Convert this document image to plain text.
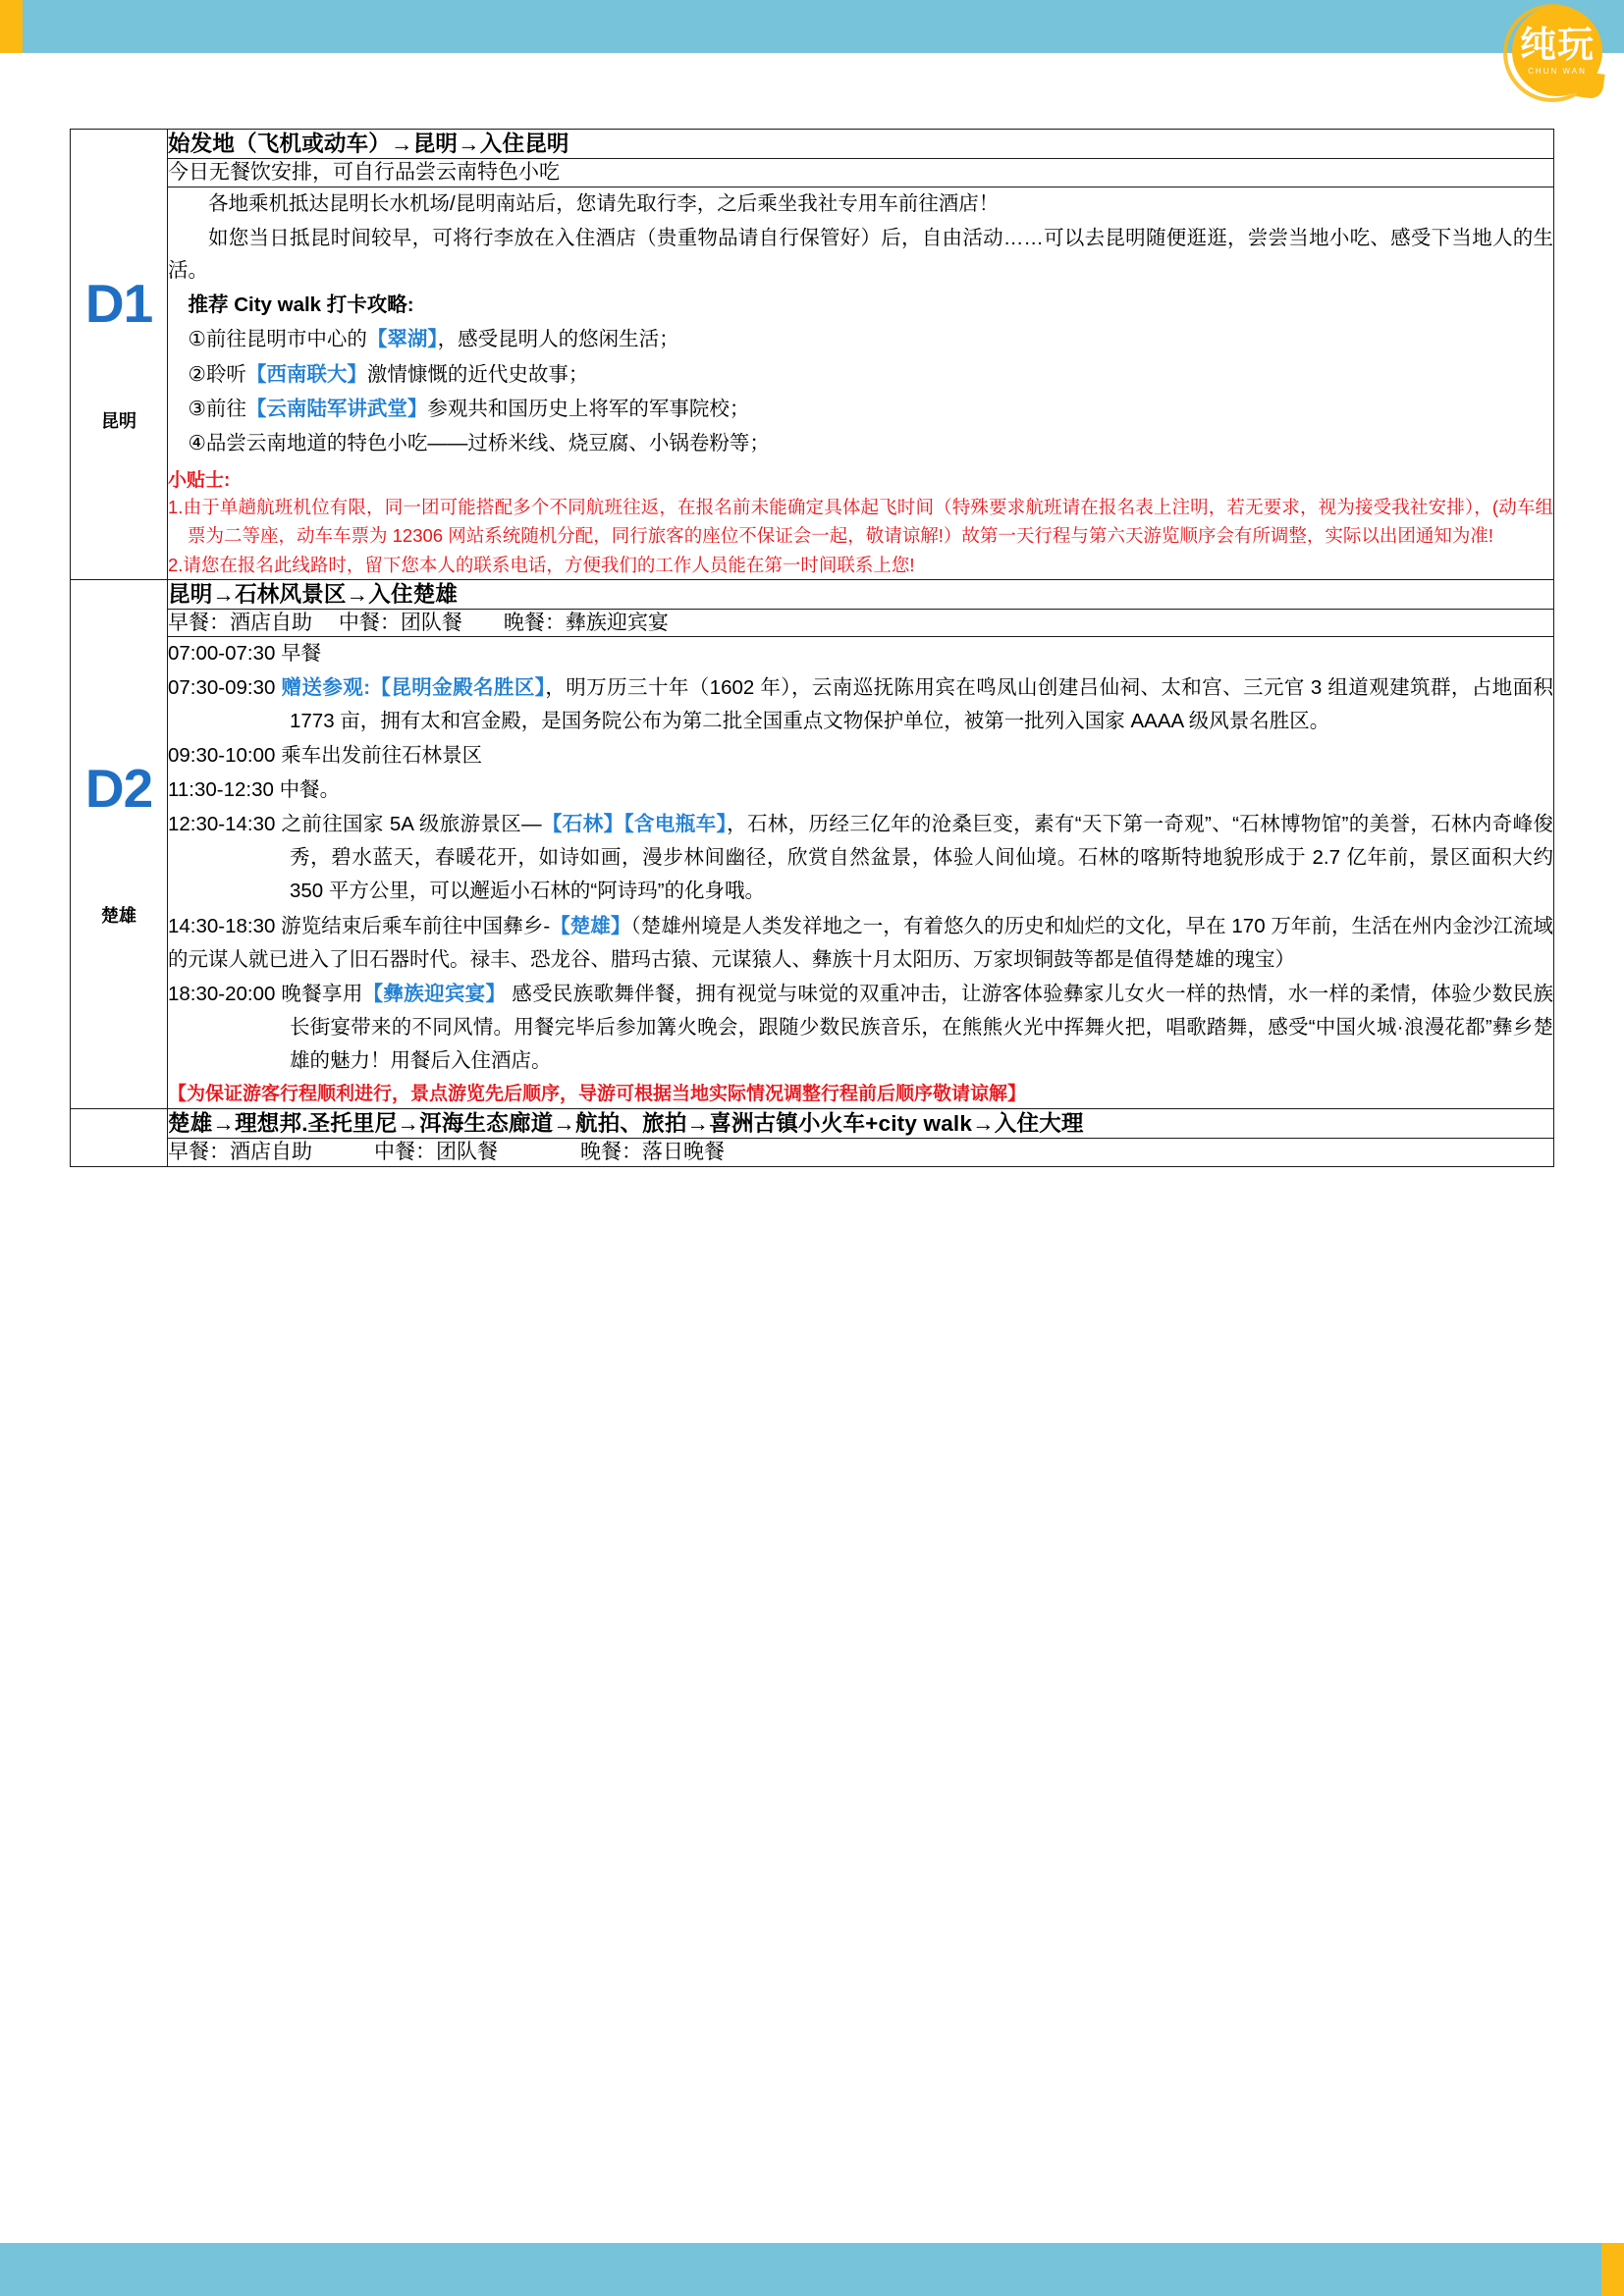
纯玩
CHUN WAN
D1
昆明	始发地（飞机或动车）→昆明→入住昆明

	今日无餐饮安排，可自行品尝云南特色小吃

各地乘机抵达昆明长水机场/昆明南站后，您请先取行李，之后乘坐我社专用车前往酒店！

如您当日抵昆时间较早，可将行李放在入住酒店（贵重物品请自行保管好）后，自由活动……可以去昆明随便逛逛，尝尝当地小吃、感受下当地人的生活。

推荐 City walk 打卡攻略:

①前往昆明市中心的【翠湖】，感受昆明人的悠闲生活；

②聆听【西南联大】激情慷慨的近代史故事；

③前往【云南陆军讲武堂】参观共和国历史上将军的军事院校；

④品尝云南地道的特色小吃——过桥米线、烧豆腐、小锅卷粉等；

小贴士:

1.由于单趟航班机位有限，同一团可能搭配多个不同航班往返，在报名前未能确定具体起飞时间（特殊要求航班请在报名表上注明，若无要求，视为接受我社安排），(动车组票为二等座，动车车票为 12306 网站系统随机分配，同行旅客的座位不保证会一起，敬请谅解!）故第一天行程与第六天游览顺序会有所调整，实际以出团通知为准!

2.请您在报名此线路时，留下您本人的联系电话，方便我们的工作人员能在第一时间联系上您!

D2
楚雄	昆明→石林风景区→入住楚雄

	早餐：酒店自助　 中餐：团队餐　　晚餐：彝族迎宾宴

07:00-07:30 早餐

07:30-09:30 赠送参观:【昆明金殿名胜区】，明万历三十年（1602 年），云南巡抚陈用宾在鸣凤山创建吕仙祠、太和宫、三元官 3 组道观建筑群，占地面积 1773 亩，拥有太和宫金殿，是国务院公布为第二批全国重点文物保护单位，被第一批列入国家 AAAA 级风景名胜区。

09:30-10:00 乘车出发前往石林景区

11:30-12:30 中餐。

12:30-14:30 之前往国家 5A 级旅游景区—【石林】【含电瓶车】，石林，历经三亿年的沧桑巨变，素有“天下第一奇观”、“石林博物馆”的美誉，石林内奇峰俊秀，碧水蓝天，春暖花开，如诗如画，漫步林间幽径，欣赏自然盆景，体验人间仙境。石林的喀斯特地貌形成于 2.7 亿年前，景区面积大约 350 平方公里，可以邂逅小石林的“阿诗玛”的化身哦。

14:30-18:30 游览结束后乘车前往中国彝乡-【楚雄】（楚雄州境是人类发祥地之一，有着悠久的历史和灿烂的文化，早在 170 万年前，生活在州内金沙江流域的元谋人就已进入了旧石器时代。禄丰、恐龙谷、腊玛古猿、元谋猿人、彝族十月太阳历、万家坝铜鼓等都是值得楚雄的瑰宝）

18:30-20:00 晚餐享用【彝族迎宾宴】 感受民族歌舞伴餐，拥有视觉与味觉的双重冲击，让游客体验彝家儿女火一样的热情，水一样的柔情，体验少数民族长街宴带来的不同风情。用餐完毕后参加篝火晚会，跟随少数民族音乐，在熊熊火光中挥舞火把，唱歌踏舞，感受“中国火城·浪漫花都”彝乡楚雄的魅力！用餐后入住酒店。

【为保证游客行程顺利进行，景点游览先后顺序，导游可根据当地实际情况调整行程前后顺序敬请谅解】

	楚雄→理想邦.圣托里尼→洱海生态廊道→航拍、旅拍→喜洲古镇小火车+city walk→入住大理

	早餐：酒店自助　　　中餐：团队餐　　　　晚餐：落日晚餐
